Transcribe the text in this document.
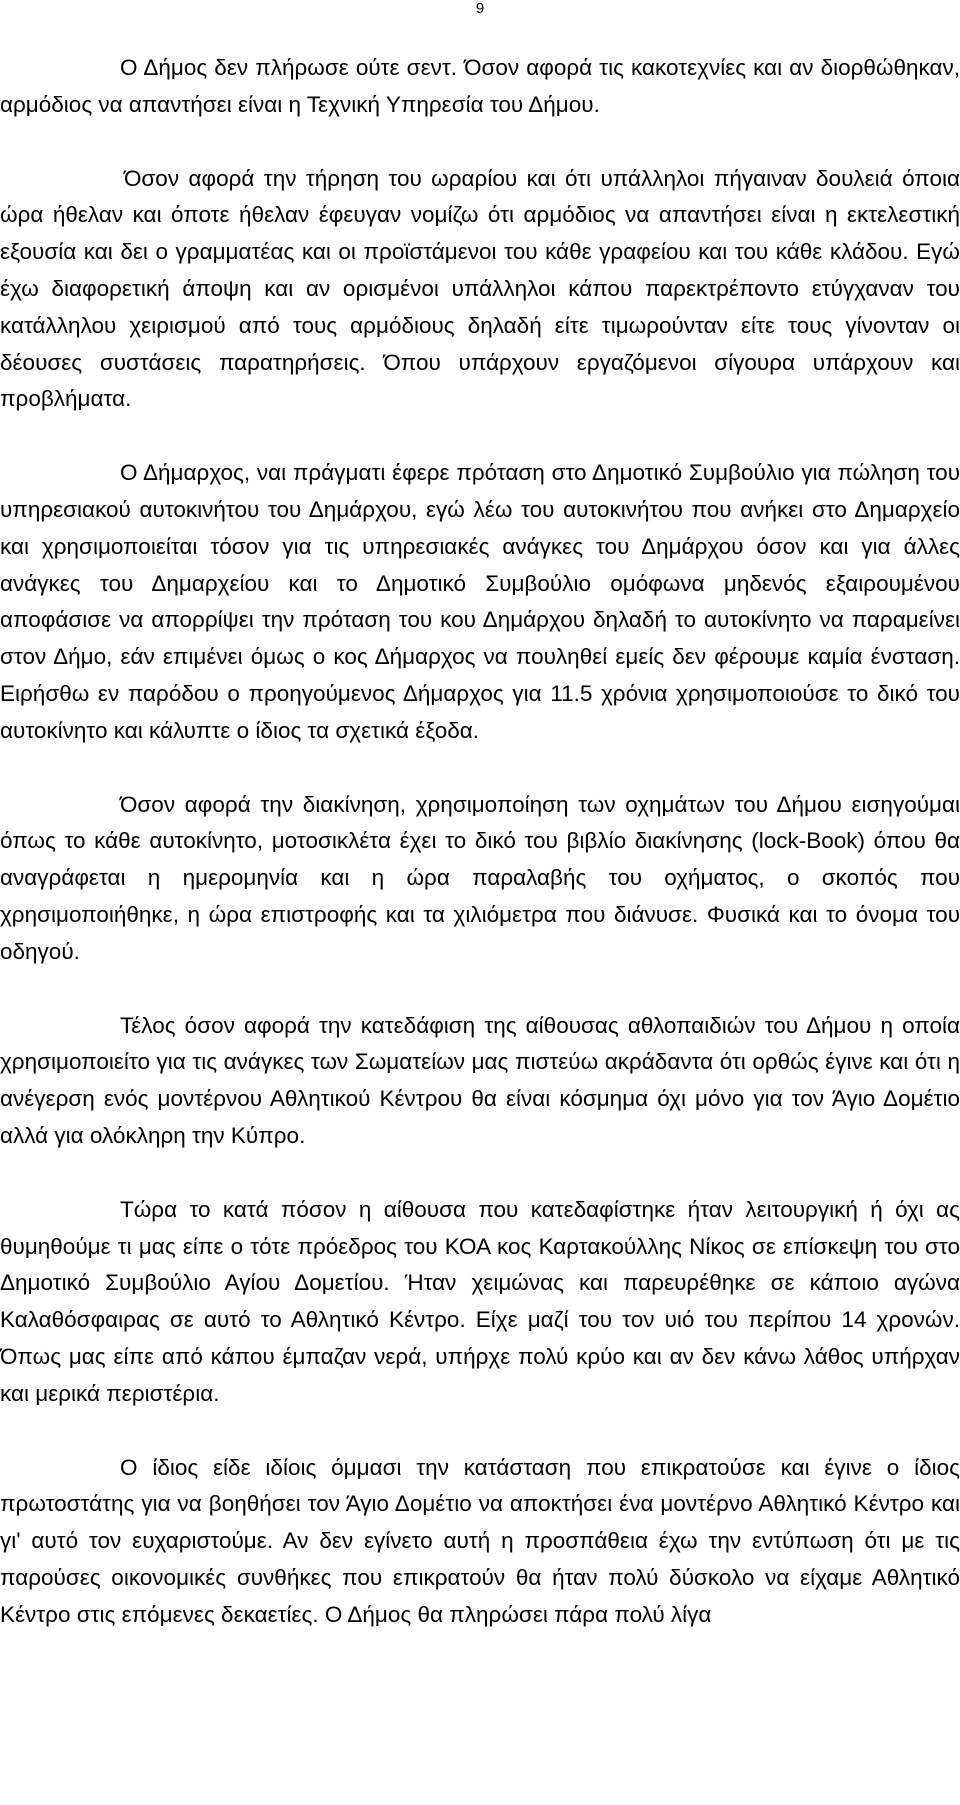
9

Ο Δήμος δεν πλήρωσε ούτε σεντ. Όσον αφορά τις κακοτεχνίες και αν διορθώθηκαν, αρμόδιος να απαντήσει είναι η Τεχνική Υπηρεσία του Δήμου.

Όσον αφορά την τήρηση του ωραρίου και ότι υπάλληλοι πήγαιναν δουλειά όποια ώρα ήθελαν και όποτε ήθελαν έφευγαν νομίζω ότι αρμόδιος να απαντήσει είναι η εκτελεστική εξουσία και δει ο γραμματέας και οι προϊστάμενοι του κάθε γραφείου και του κάθε κλάδου. Εγώ έχω διαφορετική άποψη και αν ορισμένοι υπάλληλοι κάπου παρεκτρέποντο ετύγχαναν του κατάλληλου χειρισμού από τους αρμόδιους δηλαδή είτε τιμωρούνταν είτε τους γίνονταν οι δέουσες συστάσεις παρατηρήσεις. Όπου υπάρχουν εργαζόμενοι σίγουρα υπάρχουν και προβλήματα.

Ο Δήμαρχος, ναι πράγματι έφερε πρόταση στο Δημοτικό Συμβούλιο για πώληση του υπηρεσιακού αυτοκινήτου του Δημάρχου, εγώ λέω του αυτοκινήτου που ανήκει στο Δημαρχείο και χρησιμοποιείται τόσον για τις υπηρεσιακές ανάγκες του Δημάρχου όσον και για άλλες ανάγκες του Δημαρχείου και το Δημοτικό Συμβούλιο ομόφωνα μηδενός εξαιρουμένου αποφάσισε να απορρίψει την πρόταση του κου Δημάρχου δηλαδή το αυτοκίνητο να παραμείνει στον Δήμο, εάν επιμένει όμως ο κος Δήμαρχος να πουληθεί εμείς δεν φέρουμε καμία ένσταση. Ειρήσθω εν παρόδου ο προηγούμενος Δήμαρχος για 11.5 χρόνια χρησιμοποιούσε το δικό του αυτοκίνητο και κάλυπτε ο ίδιος τα σχετικά έξοδα.

Όσον αφορά την διακίνηση, χρησιμοποίηση των οχημάτων του Δήμου εισηγούμαι όπως το κάθε αυτοκίνητο, μοτοσικλέτα έχει το δικό του βιβλίο διακίνησης (lock-Book) όπου θα αναγράφεται η ημερομηνία και η ώρα παραλαβής του οχήματος, ο σκοπός που χρησιμοποιήθηκε, η ώρα επιστροφής και τα χιλιόμετρα που διάνυσε. Φυσικά και το όνομα του οδηγού.

Τέλος όσον αφορά την κατεδάφιση της αίθουσας αθλοπαιδιών του Δήμου η οποία χρησιμοποιείτο για τις ανάγκες των Σωματείων μας πιστεύω ακράδαντα ότι ορθώς έγινε και ότι η ανέγερση ενός μοντέρνου Αθλητικού Κέντρου θα είναι κόσμημα όχι μόνο για τον Άγιο Δομέτιο αλλά για ολόκληρη την Κύπρο.

Τώρα το κατά πόσον η αίθουσα που κατεδαφίστηκε ήταν λειτουργική ή όχι ας θυμηθούμε τι μας είπε ο τότε πρόεδρος του ΚΟΑ κος Καρτακούλλης Νίκος σε επίσκεψη του στο Δημοτικό Συμβούλιο Αγίου Δομετίου. Ήταν χειμώνας και παρευρέθηκε σε κάποιο αγώνα Καλαθόσφαιρας σε αυτό το Αθλητικό Κέντρο. Είχε μαζί του τον υιό του περίπου 14 χρονών. Όπως μας είπε από κάπου έμπαζαν νερά, υπήρχε πολύ κρύο και αν δεν κάνω λάθος υπήρχαν και μερικά περιστέρια.

Ο ίδιος είδε ιδίοις όμμασι την κατάσταση που επικρατούσε και έγινε ο ίδιος πρωτοστάτης για να βοηθήσει τον Άγιο Δομέτιο να αποκτήσει ένα μοντέρνο Αθλητικό Κέντρο και γι' αυτό τον ευχαριστούμε. Αν δεν εγίνετο αυτή η προσπάθεια έχω την εντύπωση ότι με τις παρούσες οικονομικές συνθήκες που επικρατούν θα ήταν πολύ δύσκολο να είχαμε Αθλητικό Κέντρο στις επόμενες δεκαετίες. Ο Δήμος θα πληρώσει πάρα πολύ λίγα
